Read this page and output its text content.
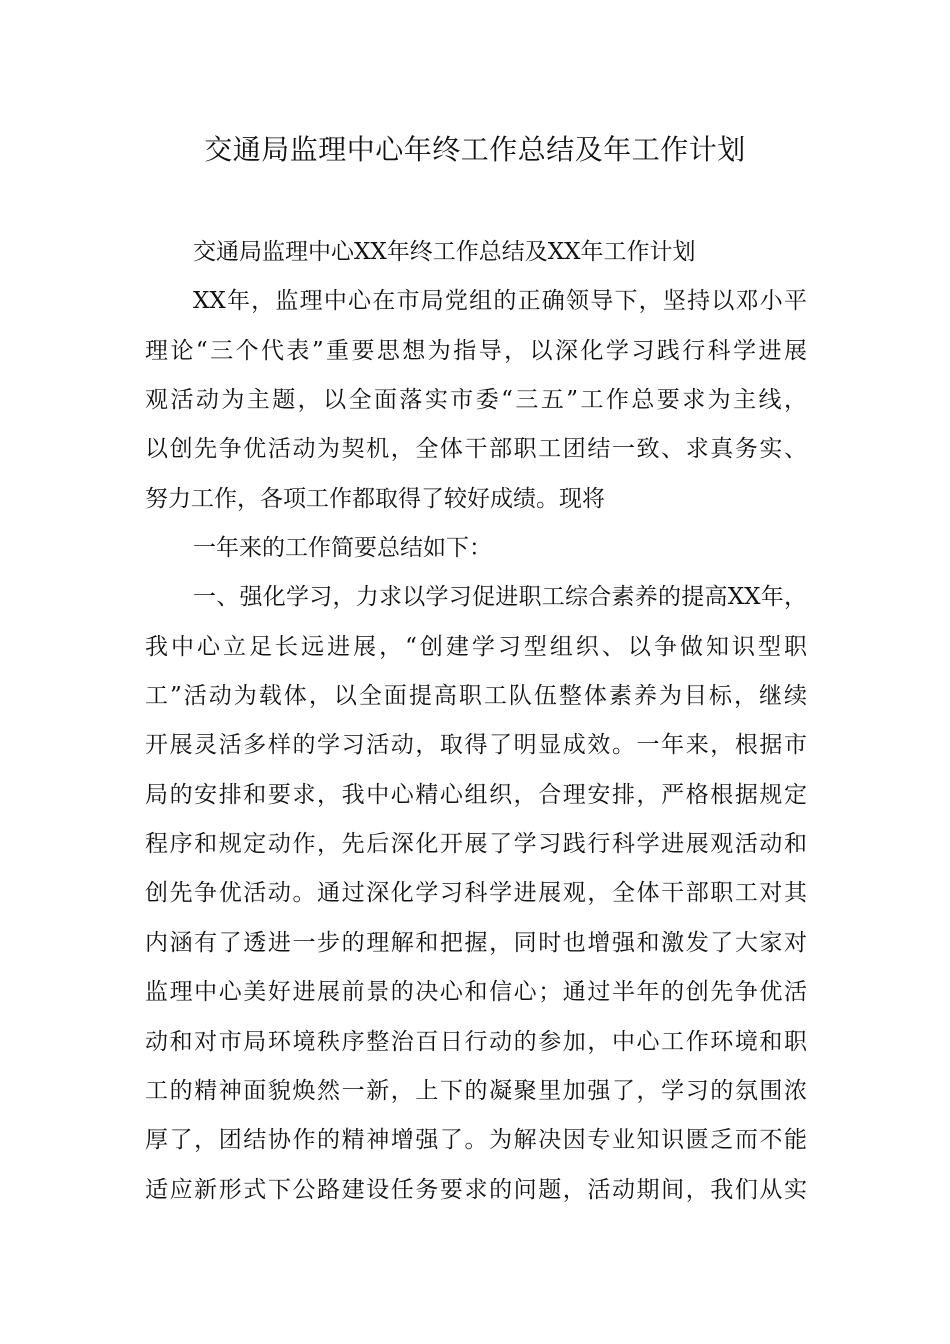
交通局监理中心年终工作总结及年工作计划
交通局监理中心XX年终工作总结及XX年工作计划
XX年，监理中心在市局党组的正确领导下，坚持以邓小平
理论“三个代表”重要思想为指导，以深化学习践行科学进展
观活动为主题，以全面落实市委“三五”工作总要求为主线，
以创先争优活动为契机，全体干部职工团结一致、求真务实、
努力工作，各项工作都取得了较好成绩。现将
一年来的工作简要总结如下：
一、强化学习，力求以学习促进职工综合素养的提高XX年，
我中心立足长远进展，“创建学习型组织、以争做知识型职
工”活动为载体，以全面提高职工队伍整体素养为目标，继续
开展灵活多样的学习活动，取得了明显成效。一年来，根据市
局的安排和要求，我中心精心组织，合理安排，严格根据规定
程序和规定动作，先后深化开展了学习践行科学进展观活动和
创先争优活动。通过深化学习科学进展观，全体干部职工对其
内涵有了透进一步的理解和把握，同时也增强和激发了大家对
监理中心美好进展前景的决心和信心；通过半年的创先争优活
动和对市局环境秩序整治百日行动的参加，中心工作环境和职
工的精神面貌焕然一新，上下的凝聚里加强了，学习的氛围浓
厚了，团结协作的精神增强了。为解决因专业知识匮乏而不能
适应新形式下公路建设任务要求的问题，活动期间，我们从实
